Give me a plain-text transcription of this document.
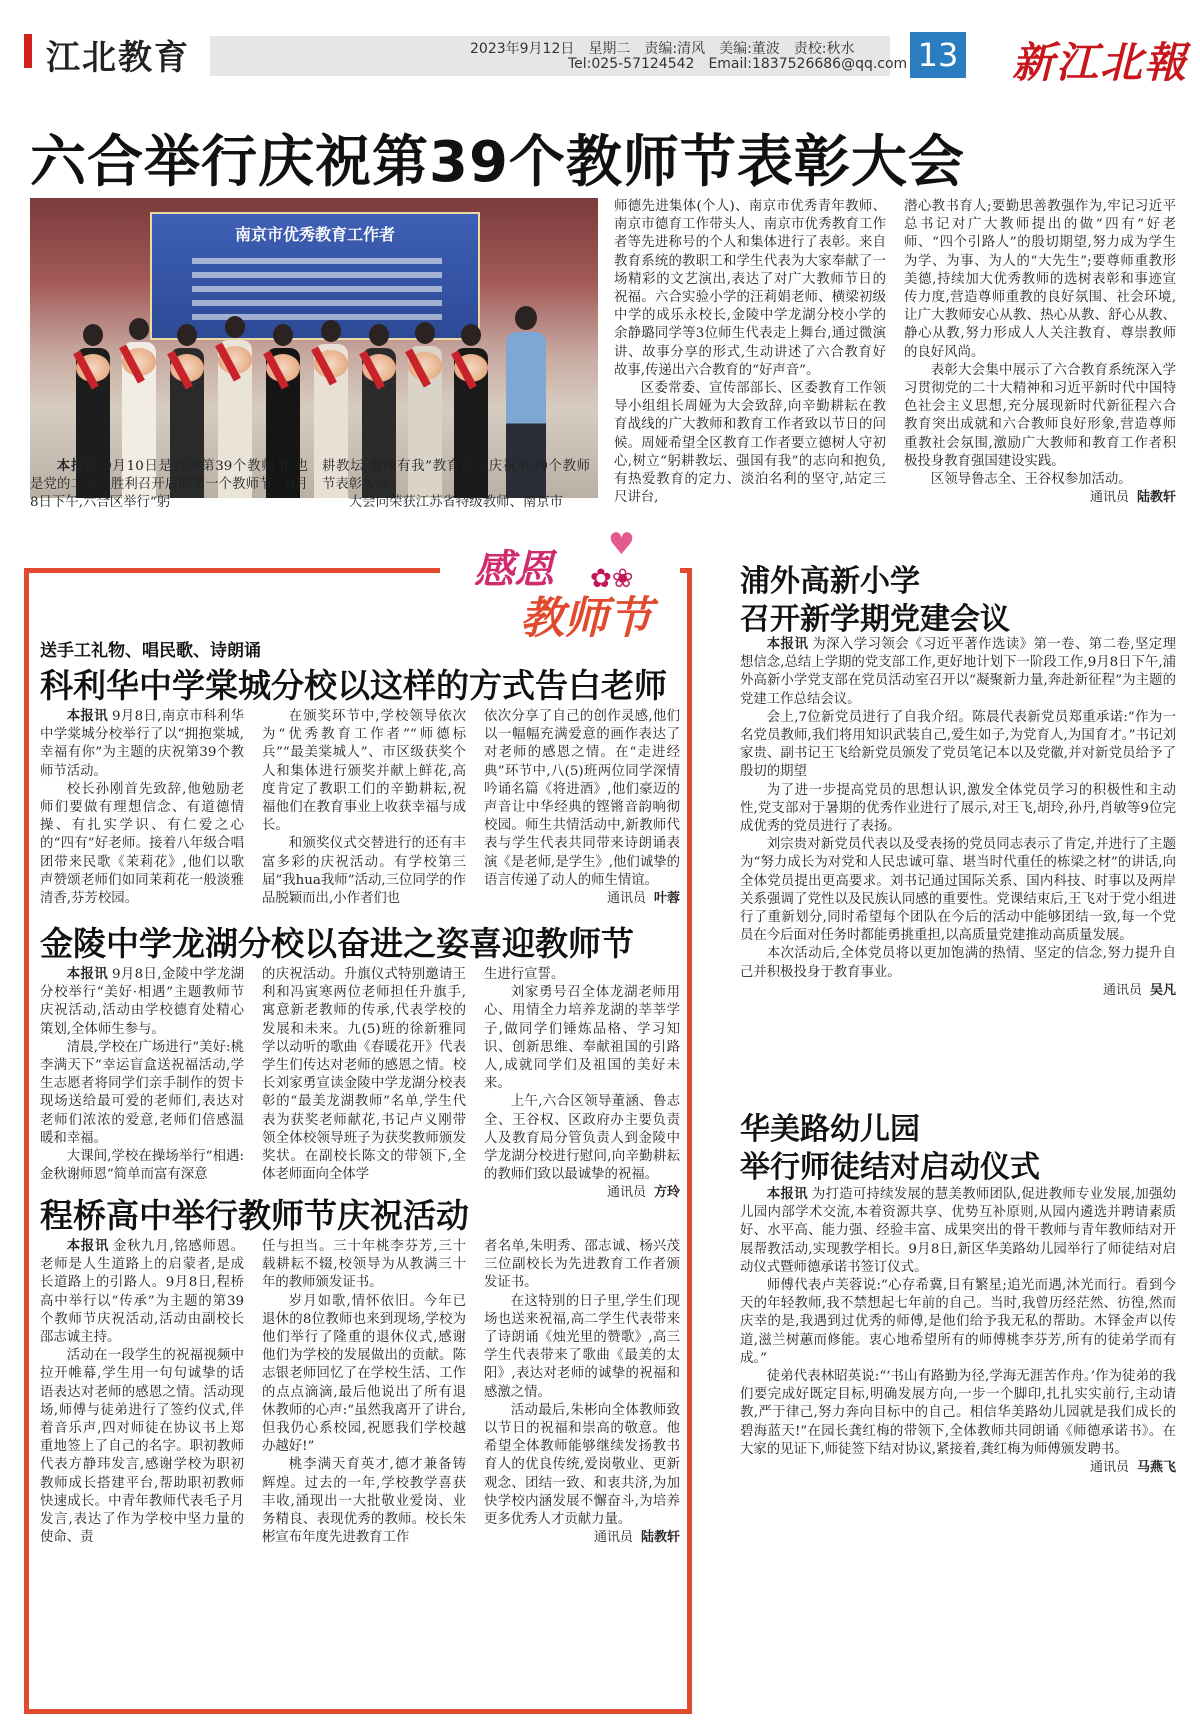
江北教育	2023年9月12日 星期二 责编:清风 美编:董波 责校:秋水
Tel:025-57124542 Email:1837526686@qq.com 13 新江北報
六合举行庆祝第39个教师节表彰大会
南京市优秀教育工作者

本报讯 9月10日是我国第39个教师节,也是党的二十大胜利召开后的第一个教师节。9月8日下午,六合区举行“躬

耕教坛,强国有我”教育系统庆祝第39个教师节表彰大会。

大会向荣获江苏省特级教师、南京市

师德先进集体(个人)、南京市优秀青年教师、南京市德育工作带头人、南京市优秀教育工作者等先进称号的个人和集体进行了表彰。来自教育系统的教职工和学生代表为大家奉献了一场精彩的文艺演出,表达了对广大教师节日的祝福。六合实验小学的汪莉娟老师、横梁初级中学的成乐永校长,金陵中学龙湖分校小学的余静璐同学等3位师生代表走上舞台,通过微演讲、故事分享的形式,生动讲述了六合教育好故事,传递出六合教育的“好声音”。

区委常委、宣传部部长、区委教育工作领导小组组长周娅为大会致辞,向辛勤耕耘在教育战线的广大教师和教育工作者致以节日的问候。周娅希望全区教育工作者要立德树人守初心,树立“躬耕教坛、强国有我”的志向和抱负,有热爱教育的定力、淡泊名利的坚守,站定三尺讲台,

潜心教书育人;要勤思善教强作为,牢记习近平总书记对广大教师提出的做“四有”好老师、“四个引路人”的殷切期望,努力成为学生为学、为事、为人的“大先生”;要尊师重教形美德,持续加大优秀教师的选树表彰和事迹宣传力度,营造尊师重教的良好氛围、社会环境,让广大教师安心从教、热心从教、舒心从教、静心从教,努力形成人人关注教育、尊崇教师的良好风尚。

表彰大会集中展示了六合教育系统深入学习贯彻党的二十大精神和习近平新时代中国特色社会主义思想,充分展现新时代新征程六合教育突出成就和六合教师良好形象,营造尊师重教社会氛围,激励广大教师和教育工作者积极投身教育强国建设实践。

区领导鲁志全、王谷权参加活动。

通讯员 陆教轩
♥
✿❀
感恩
教师节
送手工礼物、唱民歌、诗朗诵
科利华中学棠城分校以这样的方式告白老师

本报讯 9月8日,南京市科利华中学棠城分校举行了以“拥抱棠城,幸福有你”为主题的庆祝第39个教师节活动。

校长孙刚首先致辞,他勉励老师们要做有理想信念、有道德情操、有扎实学识、有仁爱之心的“四有”好老师。接着八年级合唱团带来民歌《茉莉花》,他们以歌声赞颂老师们如同茉莉花一般淡雅清香,芬芳校园。

在颁奖环节中,学校领导依次为“优秀教育工作者”“师德标兵”“最美棠城人”、市区级获奖个人和集体进行颁奖并献上鲜花,高度肯定了教职工们的辛勤耕耘,祝福他们在教育事业上收获幸福与成长。

和颁奖仪式交替进行的还有丰富多彩的庆祝活动。有学校第三届“我hua我师”活动,三位同学的作品脱颖而出,小作者们也

依次分享了自己的创作灵感,他们以一幅幅充满爱意的画作表达了对老师的感恩之情。在“走进经典”环节中,八(5)班两位同学深情吟诵名篇《将进酒》,他们豪迈的声音让中华经典的铿锵音韵响彻校园。师生共情活动中,新教师代表与学生代表共同带来诗朗诵表演《是老师,是学生》,他们诚挚的语言传递了动人的师生情谊。

通讯员 叶蓉
金陵中学龙湖分校以奋进之姿喜迎教师节

本报讯 9月8日,金陵中学龙湖分校举行“美好·相遇”主题教师节庆祝活动,活动由学校德育处精心策划,全体师生参与。

清晨,学校在广场进行“美好:桃李满天下”幸运盲盒送祝福活动,学生志愿者将同学们亲手制作的贺卡现场送给最可爱的老师们,表达对老师们浓浓的爱意,老师们倍感温暖和幸福。

大课间,学校在操场举行“相遇:金秋谢师恩”简单而富有深意

的庆祝活动。升旗仪式特别邀请王利和冯寅寒两位老师担任升旗手,寓意新老教师的传承,代表学校的发展和未来。九(5)班的徐新雅同学以动听的歌曲《春暖花开》代表学生们传达对老师的感恩之情。校长刘家勇宣读金陵中学龙湖分校表彰的“最美龙湖教师”名单,学生代表为获奖老师献花,书记卢义刚带领全体校领导班子为获奖教师颁发奖状。在副校长陈文的带领下,全体老师面向全体学

生进行宣誓。

刘家勇号召全体龙湖老师用心、用情全力培养龙湖的莘莘学子,做同学们锤炼品格、学习知识、创新思维、奉献祖国的引路人,成就同学们及祖国的美好未来。

上午,六合区领导董涵、鲁志全、王谷权、区政府办主要负责人及教育局分管负责人到金陵中学龙湖分校进行慰问,向辛勤耕耘的教师们致以最诚挚的祝福。

通讯员 方玲
程桥高中举行教师节庆祝活动

本报讯 金秋九月,铭感师恩。老师是人生道路上的启蒙者,是成长道路上的引路人。9月8日,程桥高中举行以“传承”为主题的第39个教师节庆祝活动,活动由副校长邵志诚主持。

活动在一段学生的祝福视频中拉开帷幕,学生用一句句诚挚的话语表达对老师的感恩之情。活动现场,师傅与徒弟进行了签约仪式,伴着音乐声,四对师徒在协议书上郑重地签上了自己的名字。职初教师代表方静玮发言,感谢学校为职初教师成长搭建平台,帮助职初教师快速成长。中青年教师代表毛子月发言,表达了作为学校中坚力量的使命、责

任与担当。三十年桃李芬芳,三十载耕耘不辍,校领导为从教满三十年的教师颁发证书。

岁月如歌,情怀依旧。今年已退休的8位教师也来到现场,学校为他们举行了隆重的退休仪式,感谢他们为学校的发展做出的贡献。陈志银老师回忆了在学校生活、工作的点点滴滴,最后他说出了所有退休教师的心声:“虽然我离开了讲台,但我仍心系校园,祝愿我们学校越办越好!”

桃李满天育英才,德才兼备铸辉煌。过去的一年,学校教学喜获丰收,涌现出一大批敬业爱岗、业务精良、表现优秀的教师。校长朱彬宣布年度先进教育工作

者名单,朱明秀、邵志诚、杨兴茂三位副校长为先进教育工作者颁发证书。

在这特别的日子里,学生们现场也送来祝福,高二学生代表带来了诗朗诵《烛光里的赞歌》,高三学生代表带来了歌曲《最美的太阳》,表达对老师的诚挚的祝福和感激之情。

活动最后,朱彬向全体教师致以节日的祝福和崇高的敬意。他希望全体教师能够继续发扬教书育人的优良传统,爱岗敬业、更新观念、团结一致、和衷共济,为加快学校内涵发展不懈奋斗,为培养更多优秀人才贡献力量。

通讯员 陆教轩
浦外高新小学
召开新学期党建会议

本报讯 为深入学习领会《习近平著作选读》第一卷、第二卷,坚定理想信念,总结上学期的党支部工作,更好地计划下一阶段工作,9月8日下午,浦外高新小学党支部在党员活动室召开以“凝聚新力量,奔赴新征程”为主题的党建工作总结会议。

会上,7位新党员进行了自我介绍。陈晨代表新党员郑重承诺:“作为一名党员教师,我们将用知识武装自己,爱生如子,为党育人,为国育才。”书记刘家贵、副书记王飞给新党员颁发了党员笔记本以及党徽,并对新党员给予了殷切的期望

为了进一步提高党员的思想认识,激发全体党员学习的积极性和主动性,党支部对于暑期的优秀作业进行了展示,对王飞,胡玲,孙丹,肖敏等9位完成优秀的党员进行了表扬。

刘宗贵对新党员代表以及受表扬的党员同志表示了肯定,并进行了主题为“努力成长为对党和人民忠诚可靠、堪当时代重任的栋梁之材”的讲话,向全体党员提出更高要求。刘书记通过国际关系、国内科技、时事以及两岸关系强调了党性以及民族认同感的重要性。党课结束后,王飞对于党小组进行了重新划分,同时希望每个团队在今后的活动中能够团结一致,每一个党员在今后面对任务时都能勇挑重担,以高质量党建推动高质量发展。

本次活动后,全体党员将以更加饱满的热情、坚定的信念,努力提升自己并积极投身于教育事业。

通讯员 吴凡
华美路幼儿园
举行师徒结对启动仪式

本报讯 为打造可持续发展的慧美教师团队,促进教师专业发展,加强幼儿园内部学术交流,本着资源共享、优势互补原则,从园内遴选并聘请素质好、水平高、能力强、经验丰富、成果突出的骨干教师与青年教师结对开展帮教活动,实现教学相长。9月8日,新区华美路幼儿园举行了师徒结对启动仪式暨师德承诺书签订仪式。

师傅代表卢芙蓉说:“心存希冀,目有繁星;追光而遇,沐光而行。看到今天的年轻教师,我不禁想起七年前的自己。当时,我曾历经茫然、彷徨,然而庆幸的是,我遇到过优秀的师傅,是他们给予我无私的帮助。木铎金声以传道,滋兰树蕙而修能。衷心地希望所有的师傅桃李芬芳,所有的徒弟学而有成。”

徒弟代表林昭英说:“‘书山有路勤为径,学海无涯苦作舟。’作为徒弟的我们要完成好既定目标,明确发展方向,一步一个脚印,扎扎实实前行,主动请教,严于律己,努力奔向目标中的自己。相信华美路幼儿园就是我们成长的碧海蓝天!”在园长龚红梅的带领下,全体教师共同朗诵《师德承诺书》。在大家的见证下,师徒签下结对协议,紧接着,龚红梅为师傅颁发聘书。

通讯员 马燕飞
